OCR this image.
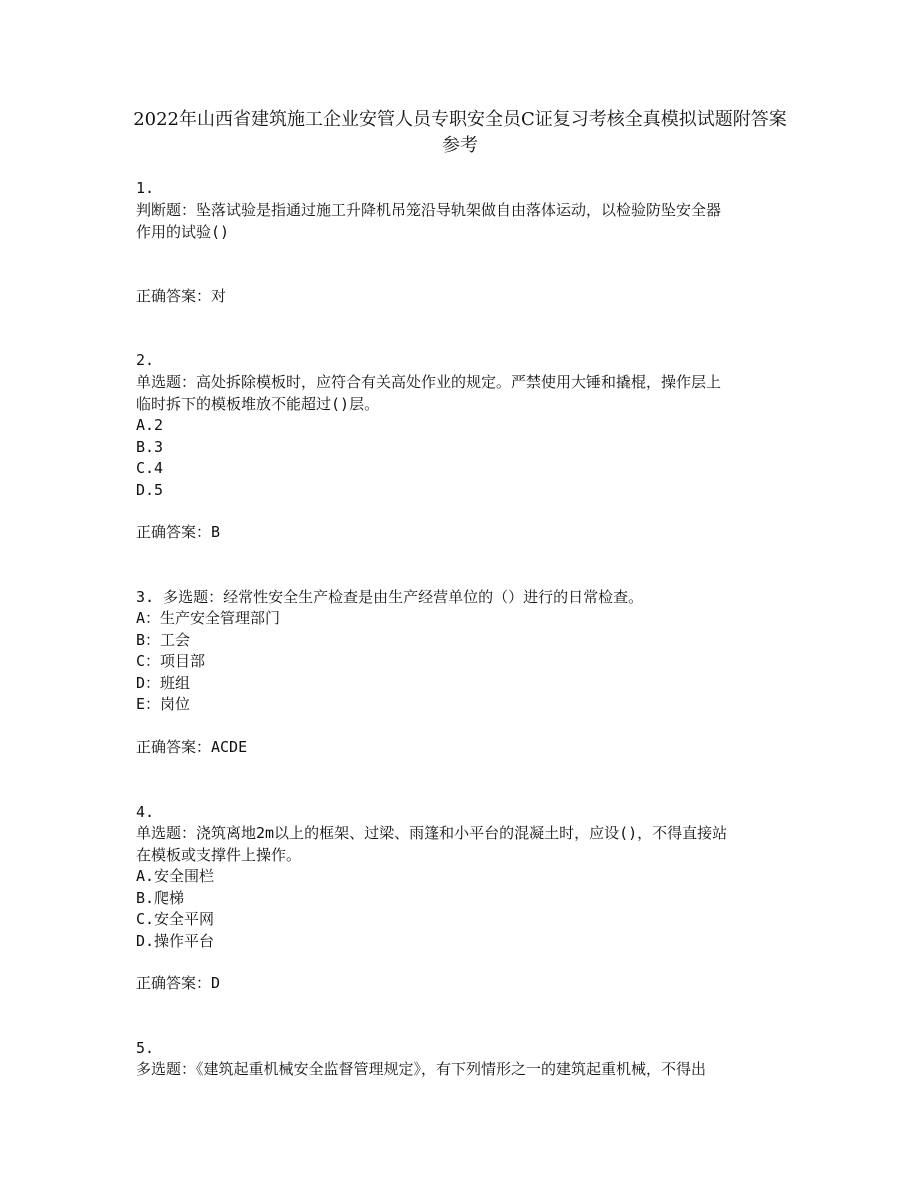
2022年山西省建筑施工企业安管人员专职安全员C证复习考核全真模拟试题附答案
参考
1.
判断题：坠落试验是指通过施工升降机吊笼沿导轨架做自由落体运动，以检验防坠安全器
作用的试验()
正确答案：对
2.
单选题：高处拆除模板时，应符合有关高处作业的规定。严禁使用大锤和撬棍，操作层上
临时拆下的模板堆放不能超过()层。
A.2
B.3
C.4
D.5
正确答案：B
3. 多选题：经常性安全生产检查是由生产经营单位的（）进行的日常检查。
A：生产安全管理部门
B：工会
C：项目部
D：班组
E：岗位
正确答案：ACDE
4.
单选题：浇筑离地2m以上的框架、过梁、雨篷和小平台的混凝土时，应设()，不得直接站
在模板或支撑件上操作。
A.安全围栏
B.爬梯
C.安全平网
D.操作平台
正确答案：D
5.
多选题：《建筑起重机械安全监督管理规定》，有下列情形之一的建筑起重机械，不得出
